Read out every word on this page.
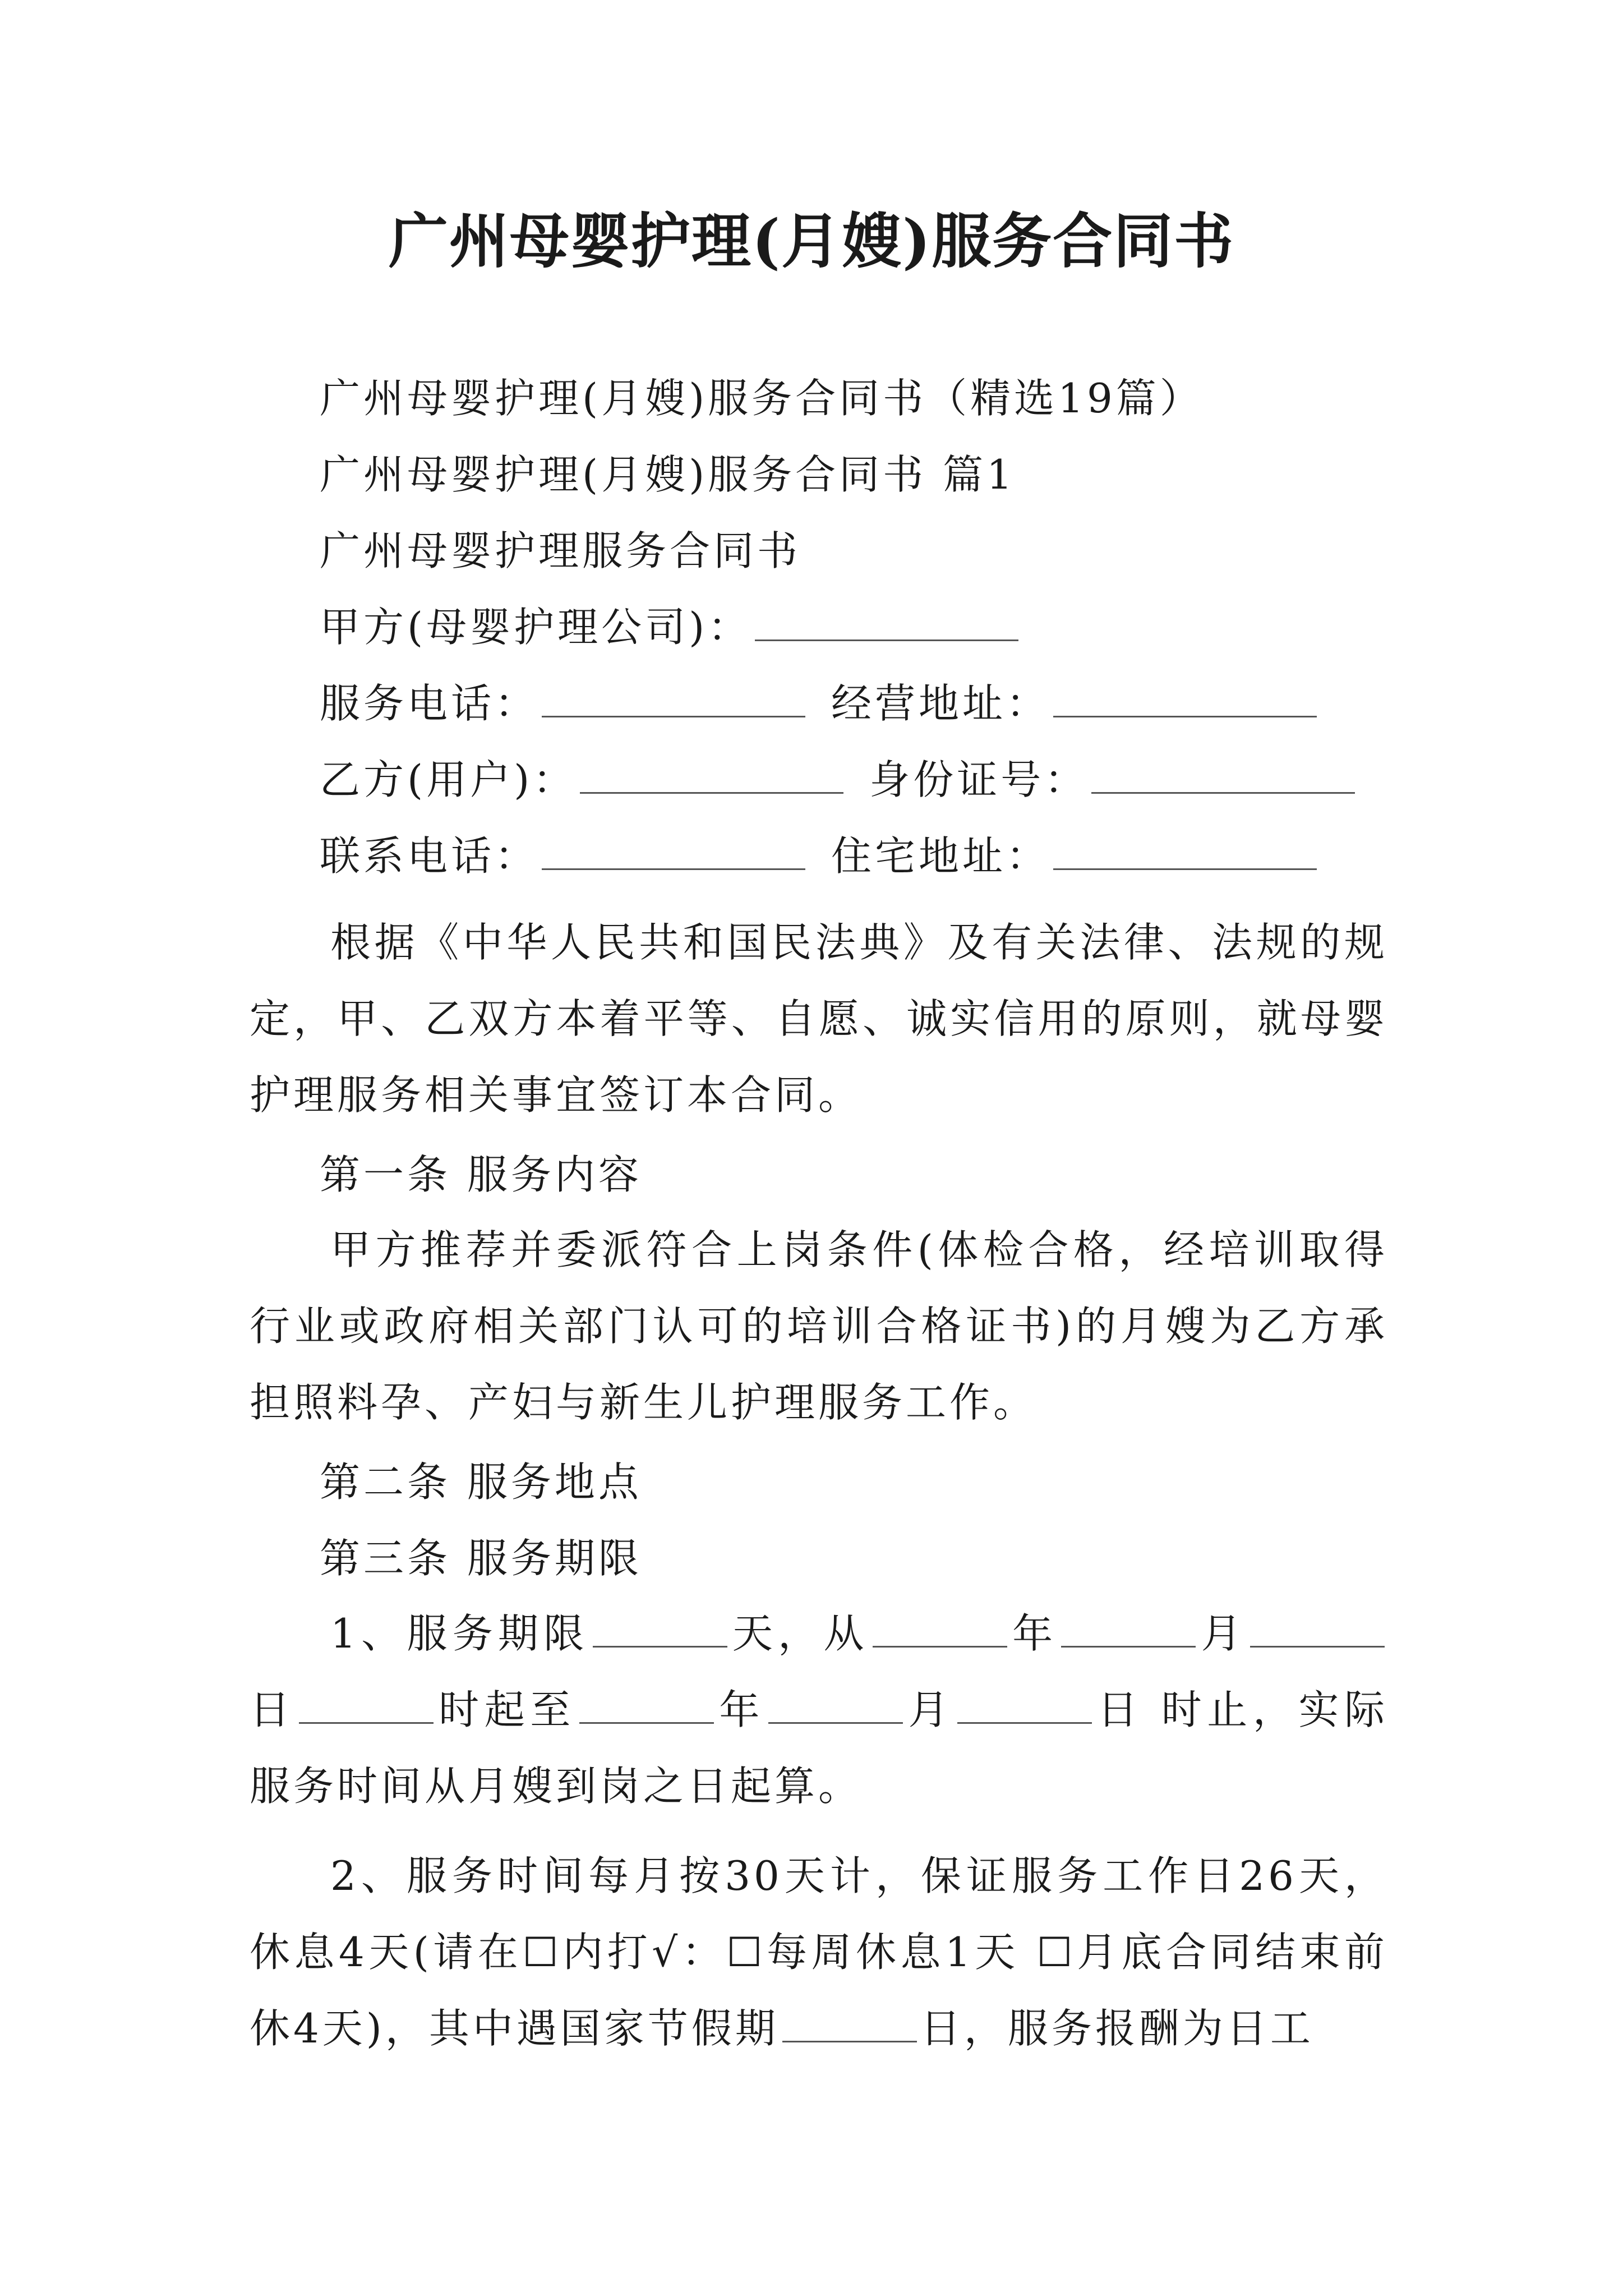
广州母婴护理(月嫂)服务合同书
广州母婴护理(月嫂)服务合同书（精选19篇）
广州母婴护理(月嫂)服务合同书 篇1
广州母婴护理服务合同书
甲方(母婴护理公司)：
服务电话：	经营地址：
乙方(用户)：	身份证号：
联系电话：	住宅地址：
根据《中华人民共和国民法典》及有关法律、法规的规定，甲、乙双方本着平等、自愿、诚实信用的原则，就母婴护理服务相关事宜签订本合同。
第一条 服务内容
甲方推荐并委派符合上岗条件(体检合格，经培训取得行业或政府相关部门认可的培训合格证书)的月嫂为乙方承担照料孕、产妇与新生儿护理服务工作。
第二条 服务地点
第三条 服务期限
1、服务期限	天，从	年	月日	时起至	年	月	日 时止，实际服务时间从月嫂到岗之日起算。
2、服务时间每月按30天计，保证服务工作日26天，休息4天(请在☐内打√：☐每周休息1天 ☐月底合同结束前休4天)，其中遇国家节假期	日，服务报酬为日工
